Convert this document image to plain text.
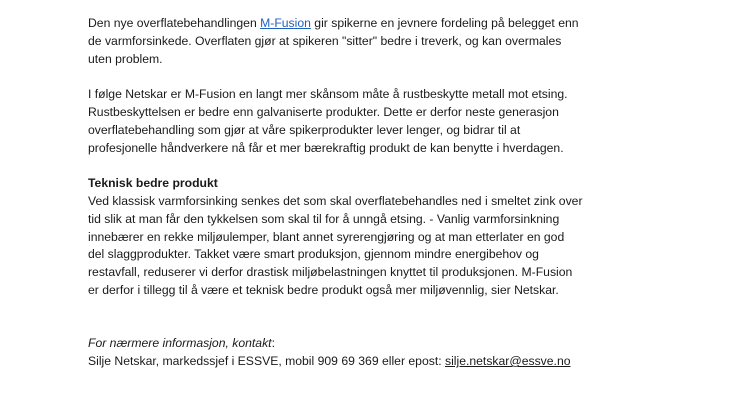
Den nye overflatebehandlingen M-Fusion gir spikerne en jevnere fordeling på belegget enn
de varmforsinkede. Overflaten gjør at spikeren "sitter" bedre i treverk, og kan overmales
uten problem.
I følge Netskar er M-Fusion en langt mer skånsom måte å rustbeskytte metall mot etsing.
Rustbeskyttelsen er bedre enn galvaniserte produkter. Dette er derfor neste generasjon
overflatebehandling som gjør at våre spikerprodukter lever lenger, og bidrar til at
profesjonelle håndverkere nå får et mer bærekraftig produkt de kan benytte i hverdagen.
Teknisk bedre produkt
Ved klassisk varmforsinking senkes det som skal overflatebehandles ned i smeltet zink over
tid slik at man får den tykkelsen som skal til for å unngå etsing. - Vanlig varmforsinkning
innebærer en rekke miljøulemper, blant annet syrerengjøring og at man etterlater en god
del slaggprodukter. Takket være smart produksjon, gjennom mindre energibehov og
restavfall, reduserer vi derfor drastisk miljøbelastningen knyttet til produksjonen. M-Fusion
er derfor i tillegg til å være et teknisk bedre produkt også mer miljøvennlig, sier Netskar.
For nærmere informasjon, kontakt:
Silje Netskar, markedssjef i ESSVE, mobil 909 69 369 eller epost: silje.netskar@essve.no
